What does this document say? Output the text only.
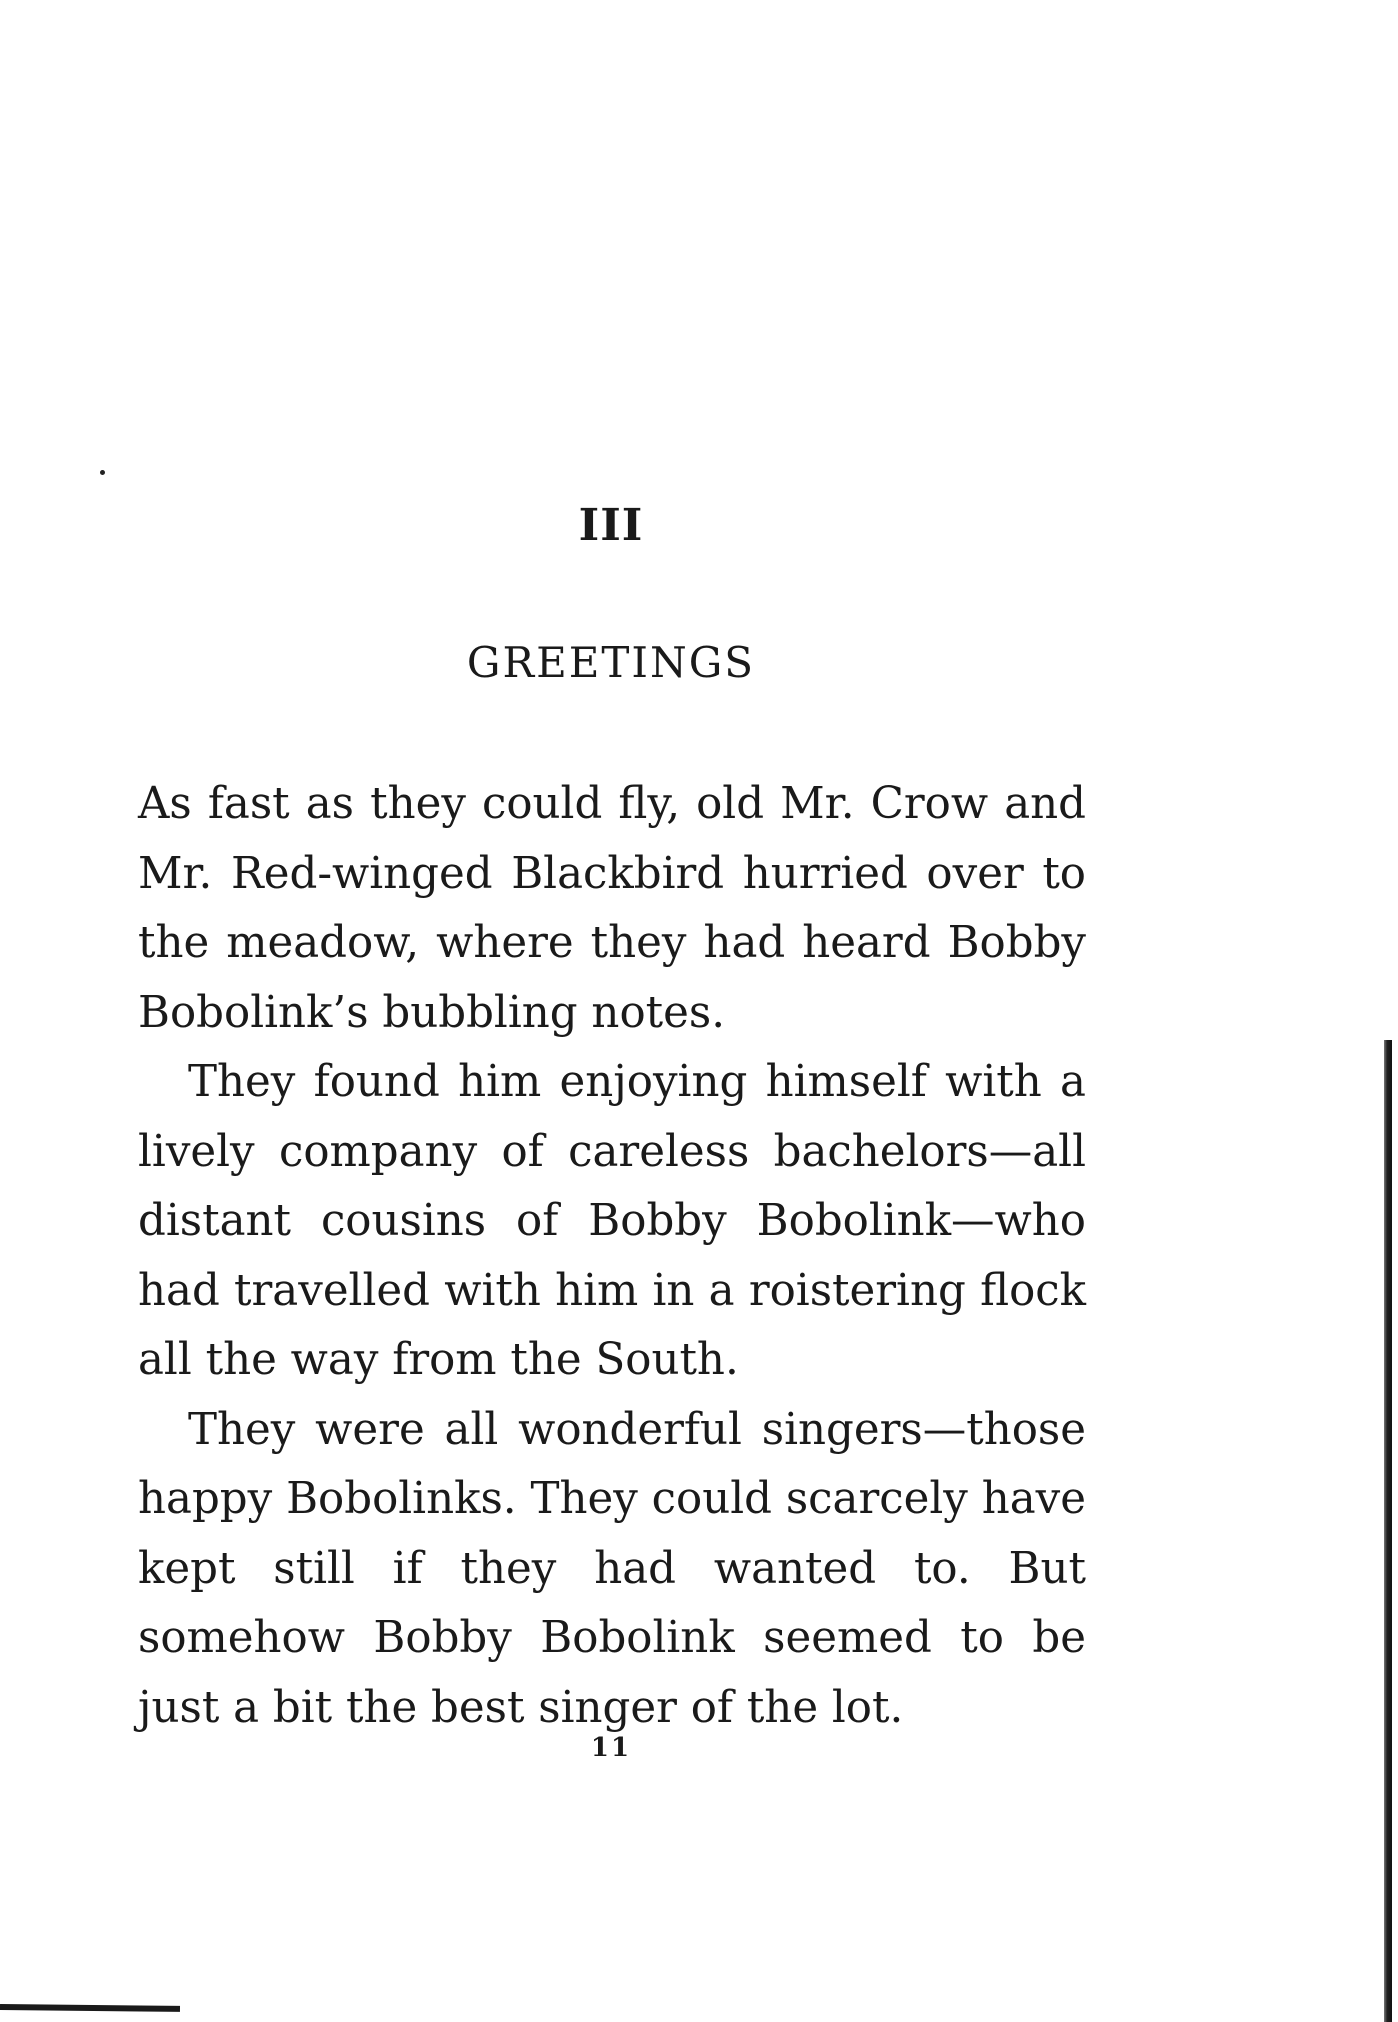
III
GREETINGS

As fast as they could fly, old Mr. Crow and Mr. Red-winged Blackbird hurried over to the meadow, where they had heard Bobby Bobolink’s bubbling notes.

They found him enjoying himself with a lively company of careless bachelors—all distant cousins of Bobby Bobolink—who had travelled with him in a roistering flock all the way from the South.

They were all wonderful singers—those happy Bobolinks. They could scarcely have kept still if they had wanted to. But somehow Bobby Bobolink seemed to be just a bit the best singer of the lot.

11
